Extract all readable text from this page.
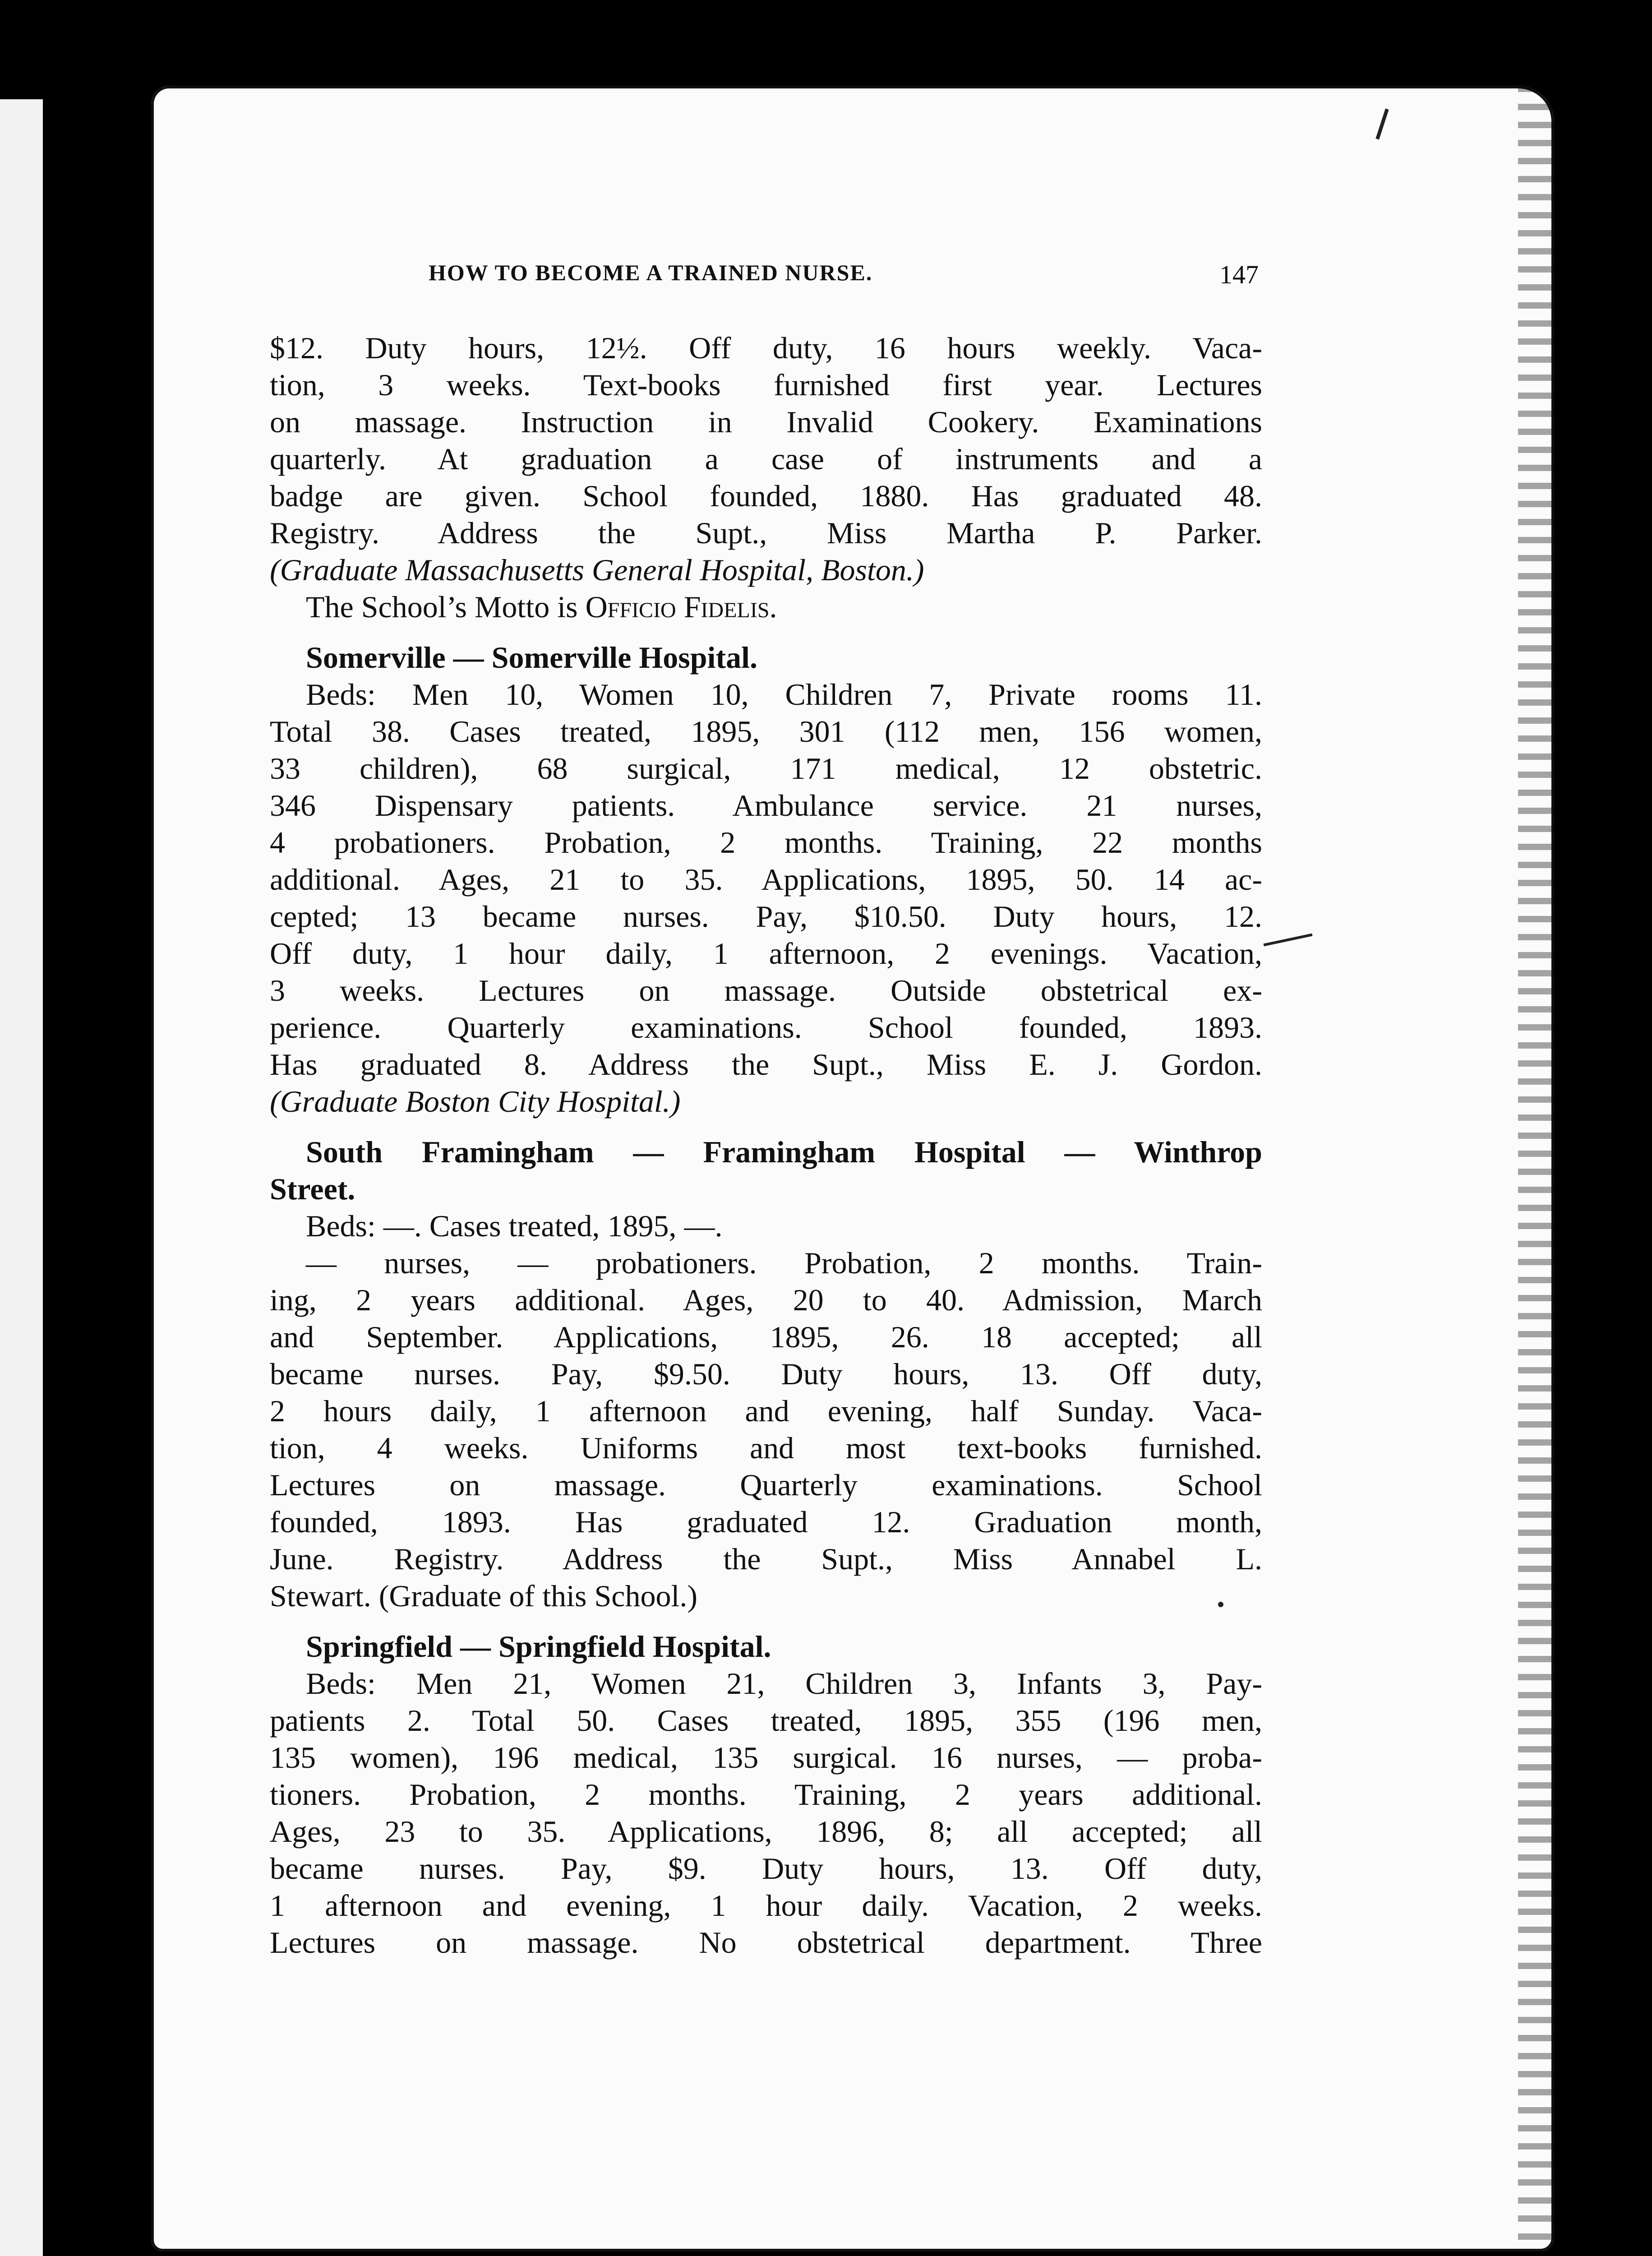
HOW TO BECOME A TRAINED NURSE.	147
$12. Duty hours, 12½. Off duty, 16 hours weekly. Vaca-
tion, 3 weeks. Text-books furnished first year. Lectures
on massage. Instruction in Invalid Cookery. Examinations
quarterly. At graduation a case of instruments and a
badge are given. School founded, 1880. Has graduated 48.
Registry. Address the Supt., Miss Martha P. Parker.
(Graduate Massachusetts General Hospital, Boston.)
The School’s Motto is Officio Fidelis.
Somerville — Somerville Hospital.
Beds: Men 10, Women 10, Children 7, Private rooms 11.
Total 38. Cases treated, 1895, 301 (112 men, 156 women,
33 children), 68 surgical, 171 medical, 12 obstetric.
346 Dispensary patients. Ambulance service. 21 nurses,
4 probationers. Probation, 2 months. Training, 22 months
additional. Ages, 21 to 35. Applications, 1895, 50. 14 ac-
cepted; 13 became nurses. Pay, $10.50. Duty hours, 12.
Off duty, 1 hour daily, 1 afternoon, 2 evenings. Vacation,
3 weeks. Lectures on massage. Outside obstetrical ex-
perience. Quarterly examinations. School founded, 1893.
Has graduated 8. Address the Supt., Miss E. J. Gordon.
(Graduate Boston City Hospital.)
South Framingham — Framingham Hospital — Winthrop
Street.
Beds: —. Cases treated, 1895, —.
— nurses, — probationers. Probation, 2 months. Train-
ing, 2 years additional. Ages, 20 to 40. Admission, March
and September. Applications, 1895, 26. 18 accepted; all
became nurses. Pay, $9.50. Duty hours, 13. Off duty,
2 hours daily, 1 afternoon and evening, half Sunday. Vaca-
tion, 4 weeks. Uniforms and most text-books furnished.
Lectures on massage. Quarterly examinations. School
founded, 1893. Has graduated 12. Graduation month,
June. Registry. Address the Supt., Miss Annabel L.
Stewart. (Graduate of this School.)
Springfield — Springfield Hospital.
Beds: Men 21, Women 21, Children 3, Infants 3, Pay-
patients 2. Total 50. Cases treated, 1895, 355 (196 men,
135 women), 196 medical, 135 surgical. 16 nurses, — proba-
tioners. Probation, 2 months. Training, 2 years additional.
Ages, 23 to 35. Applications, 1896, 8; all accepted; all
became nurses. Pay, $9. Duty hours, 13. Off duty,
1 afternoon and evening, 1 hour daily. Vacation, 2 weeks.
Lectures on massage. No obstetrical department. Three
